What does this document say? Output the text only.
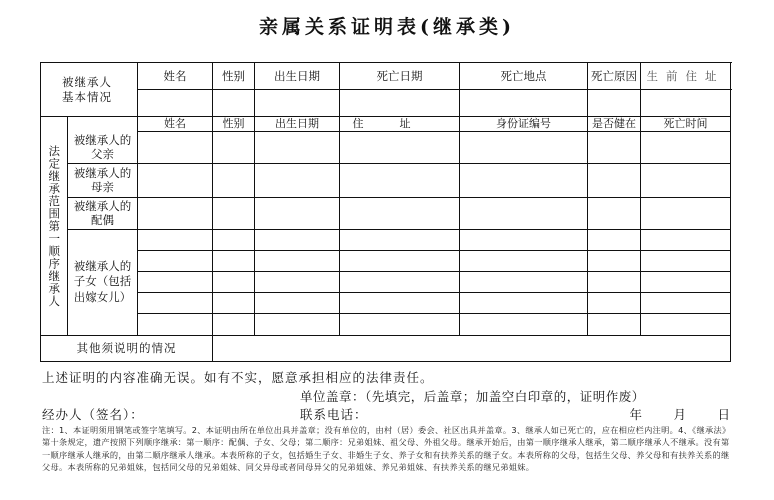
亲属关系证明表(继承类)
被继承人基本情况		姓名	性别	出生日期	死亡日期	死亡地点	死亡原因	生前住址

法定继承范围第一顺序继承人		姓名	性别	出生日期	住址	身份证编号	是否健在	死亡时间

	被继承人的父亲							

	被继承人的母亲							

	被继承人的配偶							

	被继承人的子女（包括出嫁女儿）							

其他须说明的情况								
上述证明的内容准确无误。如有不实，愿意承担相应的法律责任。
单位盖章：（先填完，后盖章；加盖空白印章的，证明作废）
经办人（签名）：	联系电话：	年	月	日

注：1、本证明须用钢笔或签字笔填写。2、本证明由所在单位出具并盖章；没有单位的，由村（居）委会、社区出具并盖章。3、继承人如已死亡的，应在相应栏内注明。4、《继承法》第十条规定，遗产按照下列顺序继承：第一顺序：配偶、子女、父母；第二顺序：兄弟姐妹、祖父母、外祖父母。继承开始后，由第一顺序继承人继承，第二顺序继承人不继承。没有第一顺序继承人继承的，由第二顺序继承人继承。本表所称的子女，包括婚生子女、非婚生子女、养子女和有扶养关系的继子女。本表所称的父母，包括生父母、养父母和有扶养关系的继父母。本表所称的兄弟姐妹，包括同父母的兄弟姐妹、同父异母或者同母异父的兄弟姐妹、养兄弟姐妹、有扶养关系的继兄弟姐妹。
